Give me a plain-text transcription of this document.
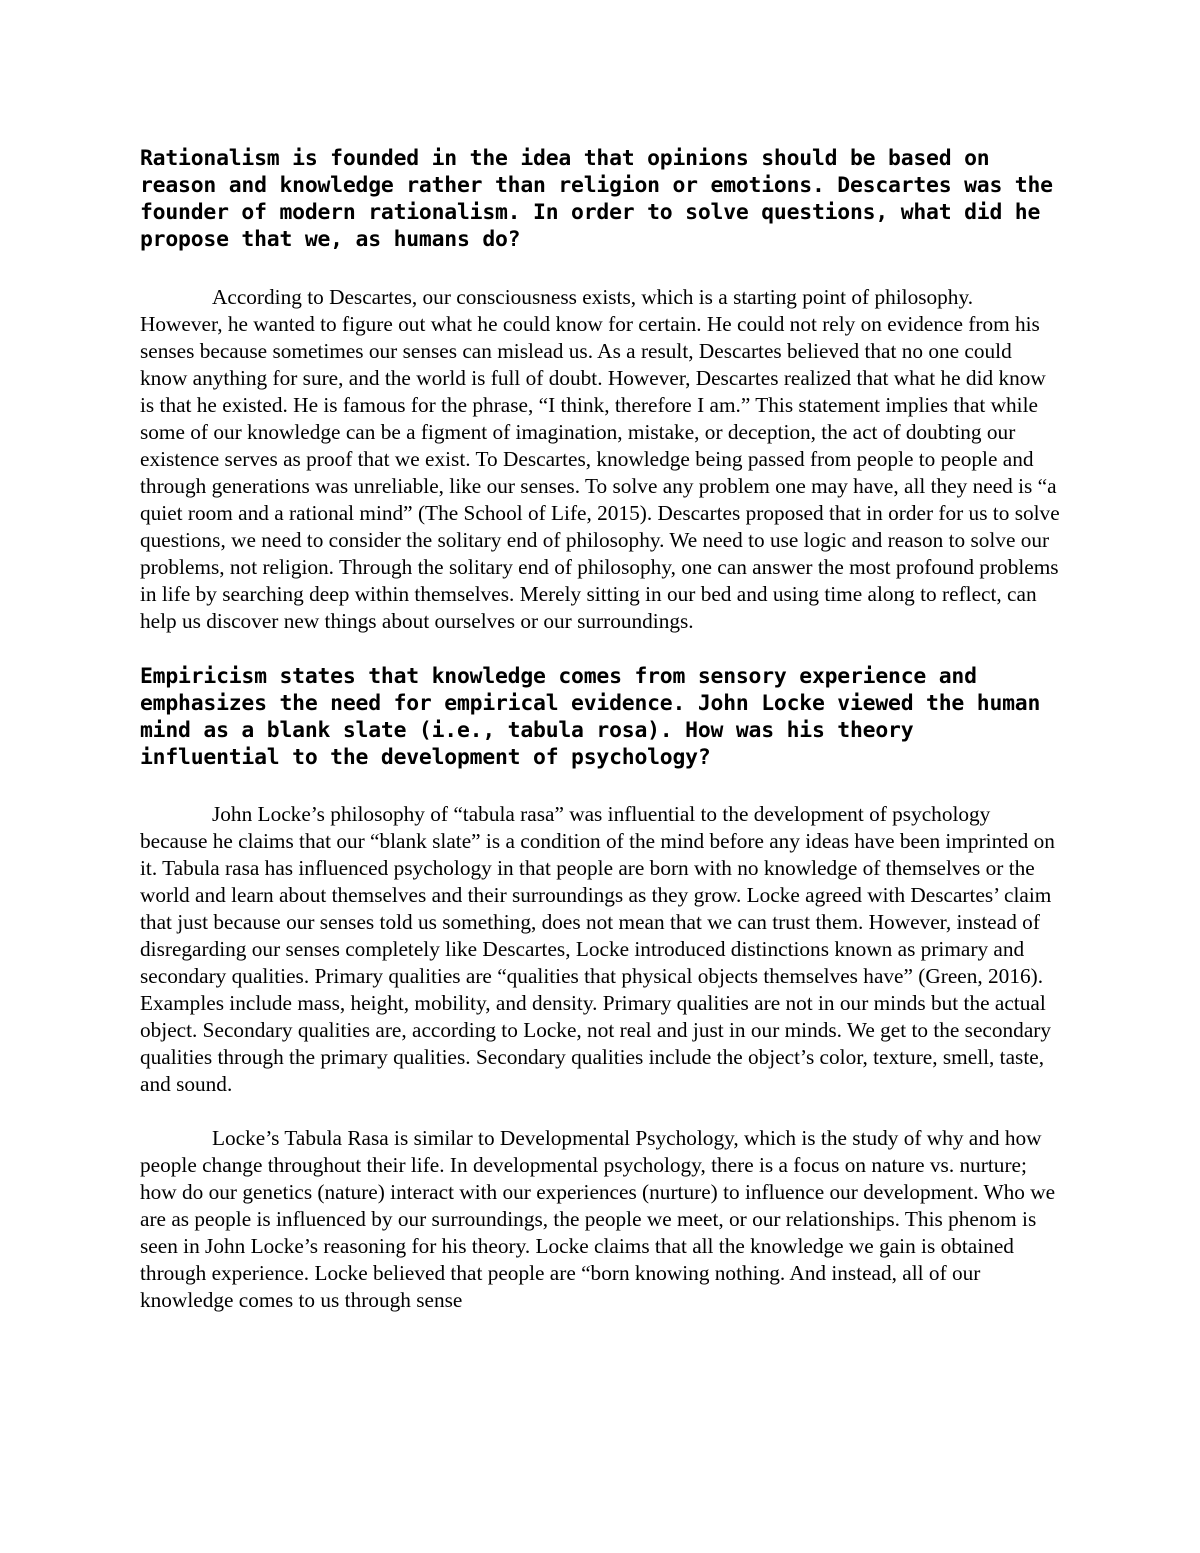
Rationalism is founded in the idea that opinions should be based on reason and knowledge rather than religion or emotions. Descartes was the founder of modern rationalism. In order to solve questions, what did he propose that we, as humans do?

According to Descartes, our consciousness exists, which is a starting point of philosophy. However, he wanted to figure out what he could know for certain. He could not rely on evidence from his senses because sometimes our senses can mislead us. As a result, Descartes believed that no one could know anything for sure, and the world is full of doubt. However, Descartes realized that what he did know is that he existed. He is famous for the phrase, “I think, therefore I am.” This statement implies that while some of our knowledge can be a figment of imagination, mistake, or deception, the act of doubting our existence serves as proof that we exist. To Descartes, knowledge being passed from people to people and through generations was unreliable, like our senses. To solve any problem one may have, all they need is “a quiet room and a rational mind” (The School of Life, 2015). Descartes proposed that in order for us to solve questions, we need to consider the solitary end of philosophy. We need to use logic and reason to solve our problems, not religion. Through the solitary end of philosophy, one can answer the most profound problems in life by searching deep within themselves. Merely sitting in our bed and using time along to reflect, can help us discover new things about ourselves or our surroundings.

Empiricism states that knowledge comes from sensory experience and emphasizes the need for empirical evidence. John Locke viewed the human mind as a blank slate (i.e., tabula rosa). How was his theory influential to the development of psychology?

John Locke’s philosophy of “tabula rasa” was influential to the development of psychology because he claims that our “blank slate” is a condition of the mind before any ideas have been imprinted on it. Tabula rasa has influenced psychology in that people are born with no knowledge of themselves or the world and learn about themselves and their surroundings as they grow. Locke agreed with Descartes’ claim that just because our senses told us something, does not mean that we can trust them. However, instead of disregarding our senses completely like Descartes, Locke introduced distinctions known as primary and secondary qualities. Primary qualities are “qualities that physical objects themselves have” (Green, 2016). Examples include mass, height, mobility, and density. Primary qualities are not in our minds but the actual object. Secondary qualities are, according to Locke, not real and just in our minds. We get to the secondary qualities through the primary qualities. Secondary qualities include the object’s color, texture, smell, taste, and sound.

Locke’s Tabula Rasa is similar to Developmental Psychology, which is the study of why and how people change throughout their life. In developmental psychology, there is a focus on nature vs. nurture; how do our genetics (nature) interact with our experiences (nurture) to influence our development. Who we are as people is influenced by our surroundings, the people we meet, or our relationships. This phenom is seen in John Locke’s reasoning for his theory. Locke claims that all the knowledge we gain is obtained through experience. Locke believed that people are “born knowing nothing. And instead, all of our knowledge comes to us through sense
